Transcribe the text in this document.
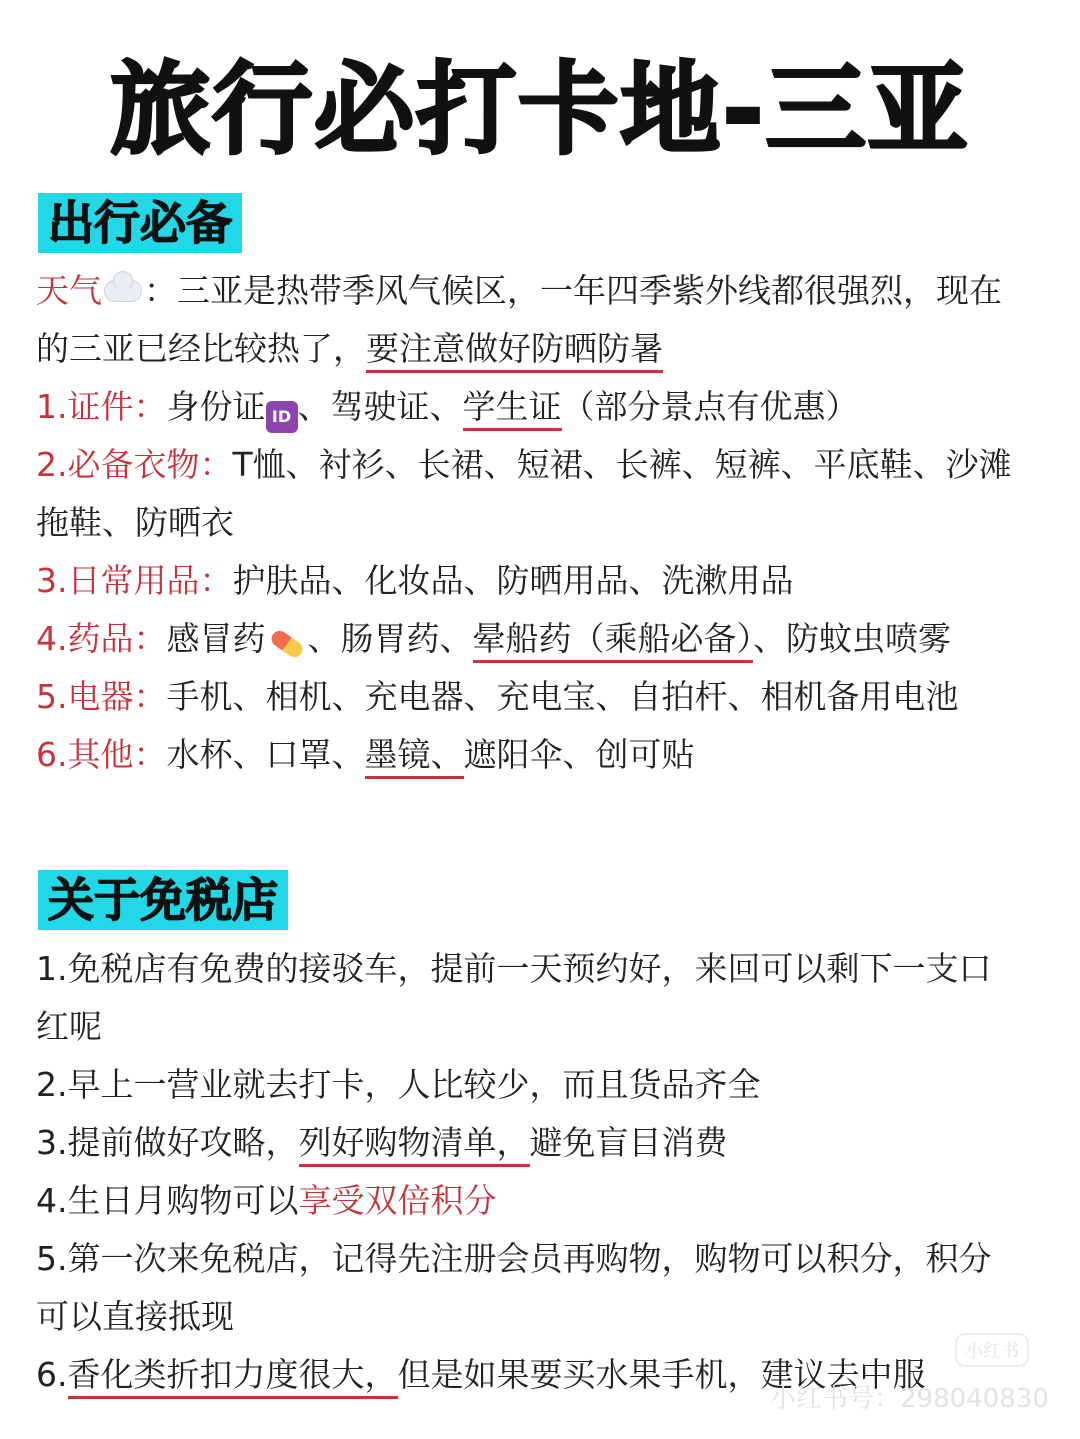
旅行必打卡地-三亚
出行必备
天气 ：三亚是热带季风气候区，一年四季紫外线都很强烈，现在
的三亚已经比较热了，要注意做好防晒防暑
1.证件：身份证 ID 、驾驶证、学生证（部分景点有优惠）
2.必备衣物：T恤、衬衫、长裙、短裙、长裤、短裤、平底鞋、沙滩
拖鞋、防晒衣
3.日常用品：护肤品、化妆品、防晒用品、洗漱用品
4.药品：感冒药 、肠胃药、晕船药（乘船必备）、防蚊虫喷雾
5.电器：手机、相机、充电器、充电宝、自拍杆、相机备用电池
6.其他：水杯、口罩、墨镜、遮阳伞、创可贴
关于免税店
1.免税店有免费的接驳车，提前一天预约好，来回可以剩下一支口
红呢
2.早上一营业就去打卡，人比较少，而且货品齐全
3.提前做好攻略，列好购物清单，避免盲目消费
4.生日月购物可以享受双倍积分
5.第一次来免税店，记得先注册会员再购物，购物可以积分，积分
可以直接抵现
6.香化类折扣力度很大，但是如果要买水果手机，建议去中服
小红书
小红书号：298040830
